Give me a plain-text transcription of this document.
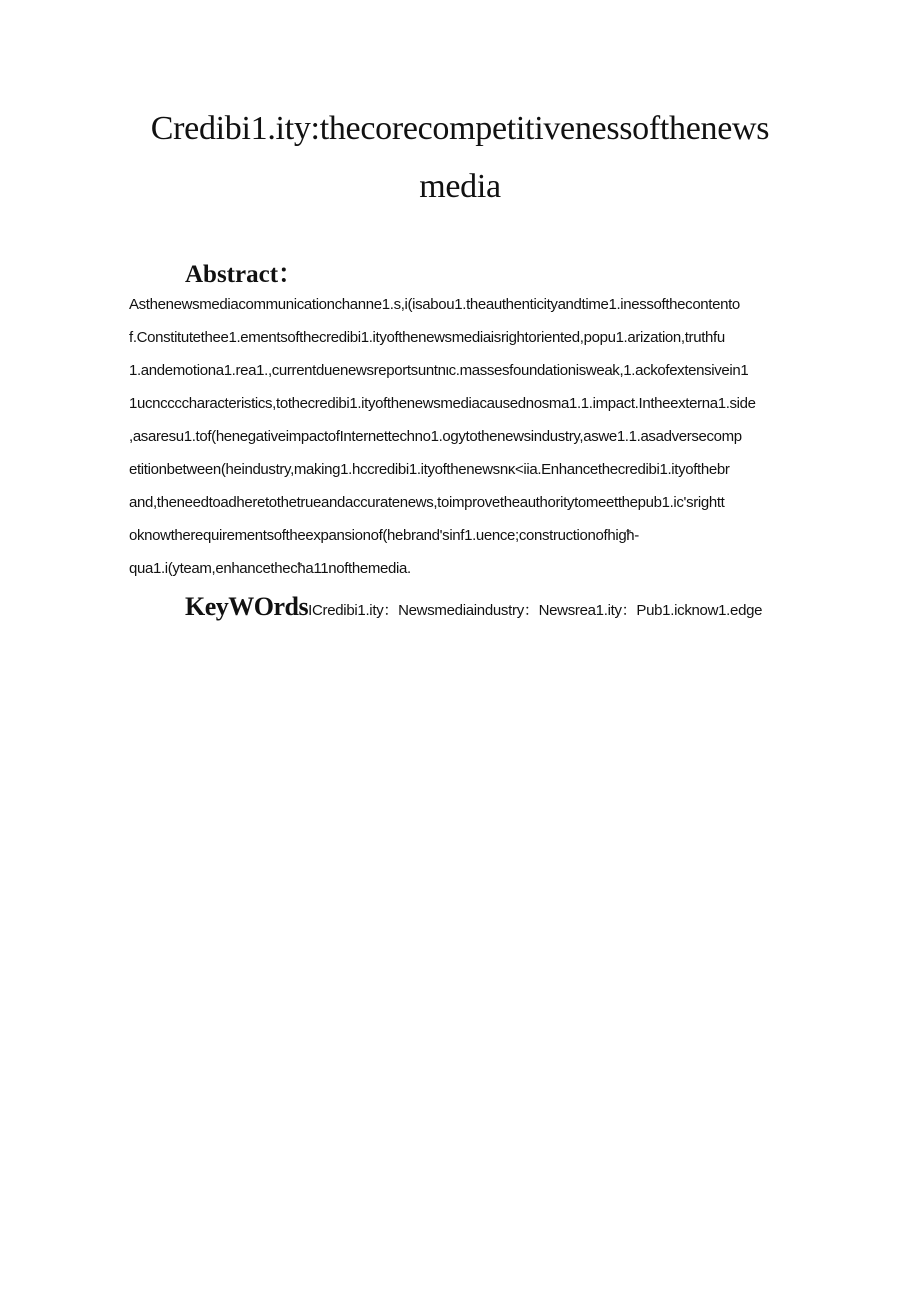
Credibi1.ity:thecorecompetitivenessofthenews
media
Abstract：
Asthenewsmediacommunicationchanne1.s,i(isabou1.theauthenticityandtime1.inessofthecontento
f.Constitutethee1.ementsofthecredibi1.ityofthenewsmediaisrightoriented,popu1.arization,truthfu
1.andemotiona1.rea1.,currentduenewsreportsuntnιc.massesfoundationisweak,1.ackofextensivein1
1ucnccccharacteristics,tothecredibi1.ityofthenewsmediacausednosma1.1.impact.Intheexterna1.side
,asaresu1.tof(henegativeimpactofInternettechno1.ogytothenewsindustry,aswe1.1.asadversecomp
etitionbetween(heindustry,making1.hccredibi1.ityofthenewsnκ<iia.Enhancethecredibi1.ityofthebr
and,theneedtoadheretothetrueandaccuratenews,toimprovetheauthoritytomeetthepub1.ic'srightt
oknowtherequirementsoftheexpansionof(hebrand'sinf1.uence;constructionofhigħ-
qua1.i(yteam,enhancethecħa11nofthemedia.
KeyWOrdsICredibi1.ity：Newsmediaindustry：Newsrea1.ity：Pub1.icknow1.edge
